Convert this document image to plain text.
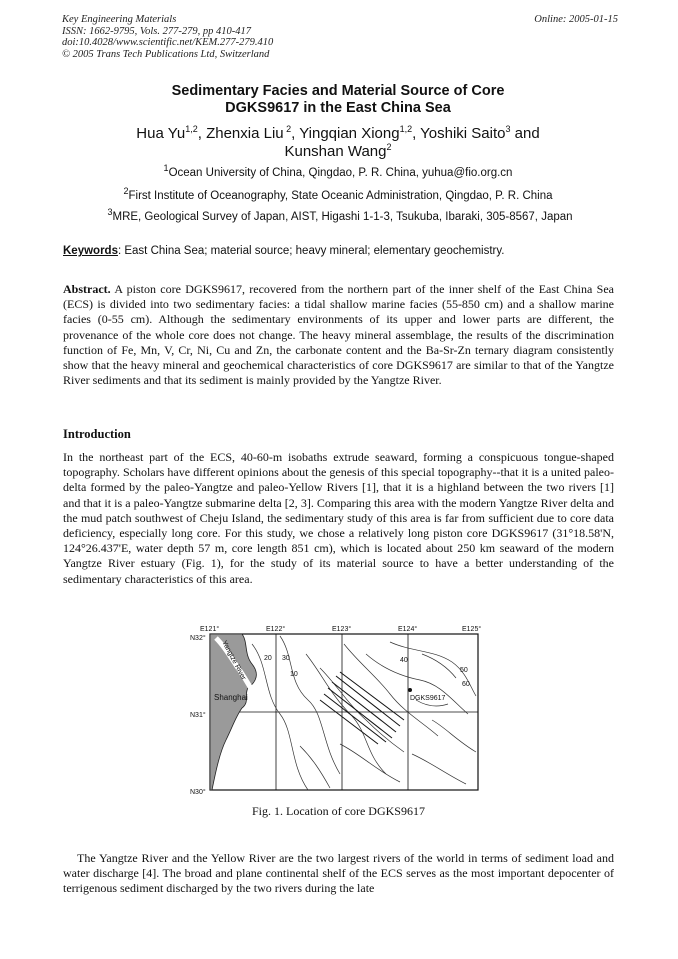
Key Engineering Materials
ISSN: 1662-9795, Vols. 277-279, pp 410-417
doi:10.4028/www.scientific.net/KEM.277-279.410
© 2005 Trans Tech Publications Ltd, Switzerland
Online: 2005-01-15
Sedimentary Facies and Material Source of Core
DGKS9617 in the East China Sea
Hua Yu$^{1,2}$, Zhenxia Liu $^2$, Yingqian Xiong$^{1,2}$, Yoshiki Saito$^3$ and
Kunshan Wang$^2$
$^1$Ocean University of China, Qingdao, P. R. China, yuhua@fio.org.cn
$^2$First Institute of Oceanography, State Oceanic Administration, Qingdao, P. R. China
$^3$MRE, Geological Survey of Japan, AIST, Higashi 1-1-3, Tsukuba, Ibaraki, 305-8567, Japan
Keywords: East China Sea; material source; heavy mineral; elementary geochemistry.
Abstract. A piston core DGKS9617, recovered from the northern part of the inner shelf of the East China Sea (ECS) is divided into two sedimentary facies: a tidal shallow marine facies (55-850 cm) and a shallow marine facies (0-55 cm). Although the sedimentary environments of its upper and lower parts are different, the provenance of the whole core does not change. The heavy mineral assemblage, the results of the discrimination function of Fe, Mn, V, Cr, Ni, Cu and Zn, the carbonate content and the Ba-Sr-Zn ternary diagram consistently show that the heavy mineral and geochemical characteristics of core DGKS9617 are similar to that of the Yangtze River sediments and that its sediment is mainly provided by the Yangtze River.
Introduction
In the northeast part of the ECS, 40-60-m isobaths extrude seaward, forming a conspicuous tongue-shaped topography. Scholars have different opinions about the genesis of this special topography--that it is a united paleo-delta formed by the paleo-Yangtze and paleo-Yellow Rivers [1], that it is a highland between the two rivers [1] and that it is a paleo-Yangtze submarine delta [2, 3]. Comparing this area with the modern Yangtze River delta and the mud patch southwest of Cheju Island, the sedimentary study of this area is far from sufficient due to core data deficiency, especially long core. For this study, we chose a relatively long piston core DGKS9617 (31°18.58'N, 124°26.437'E, water depth 57 m, core length 851 cm), which is located about 250 km seaward of the modern Yangtze River estuary (Fig. 1), for the study of its material source to have a better understanding of the sedimentary characteristics of this area.
E121°	E122°	E123°	E124°	E125°
N32°
N31°
N30°
20 30
10
40
50
60
Yangtze River
Shanghai	DGKS9617
Fig. 1. Location of core DGKS9617
The Yangtze River and the Yellow River are the two largest rivers of the world in terms of sediment load and water discharge [4]. The broad and plane continental shelf of the ECS serves as the most important depocenter of terrigenous sediment discharged by the two rivers during the late
